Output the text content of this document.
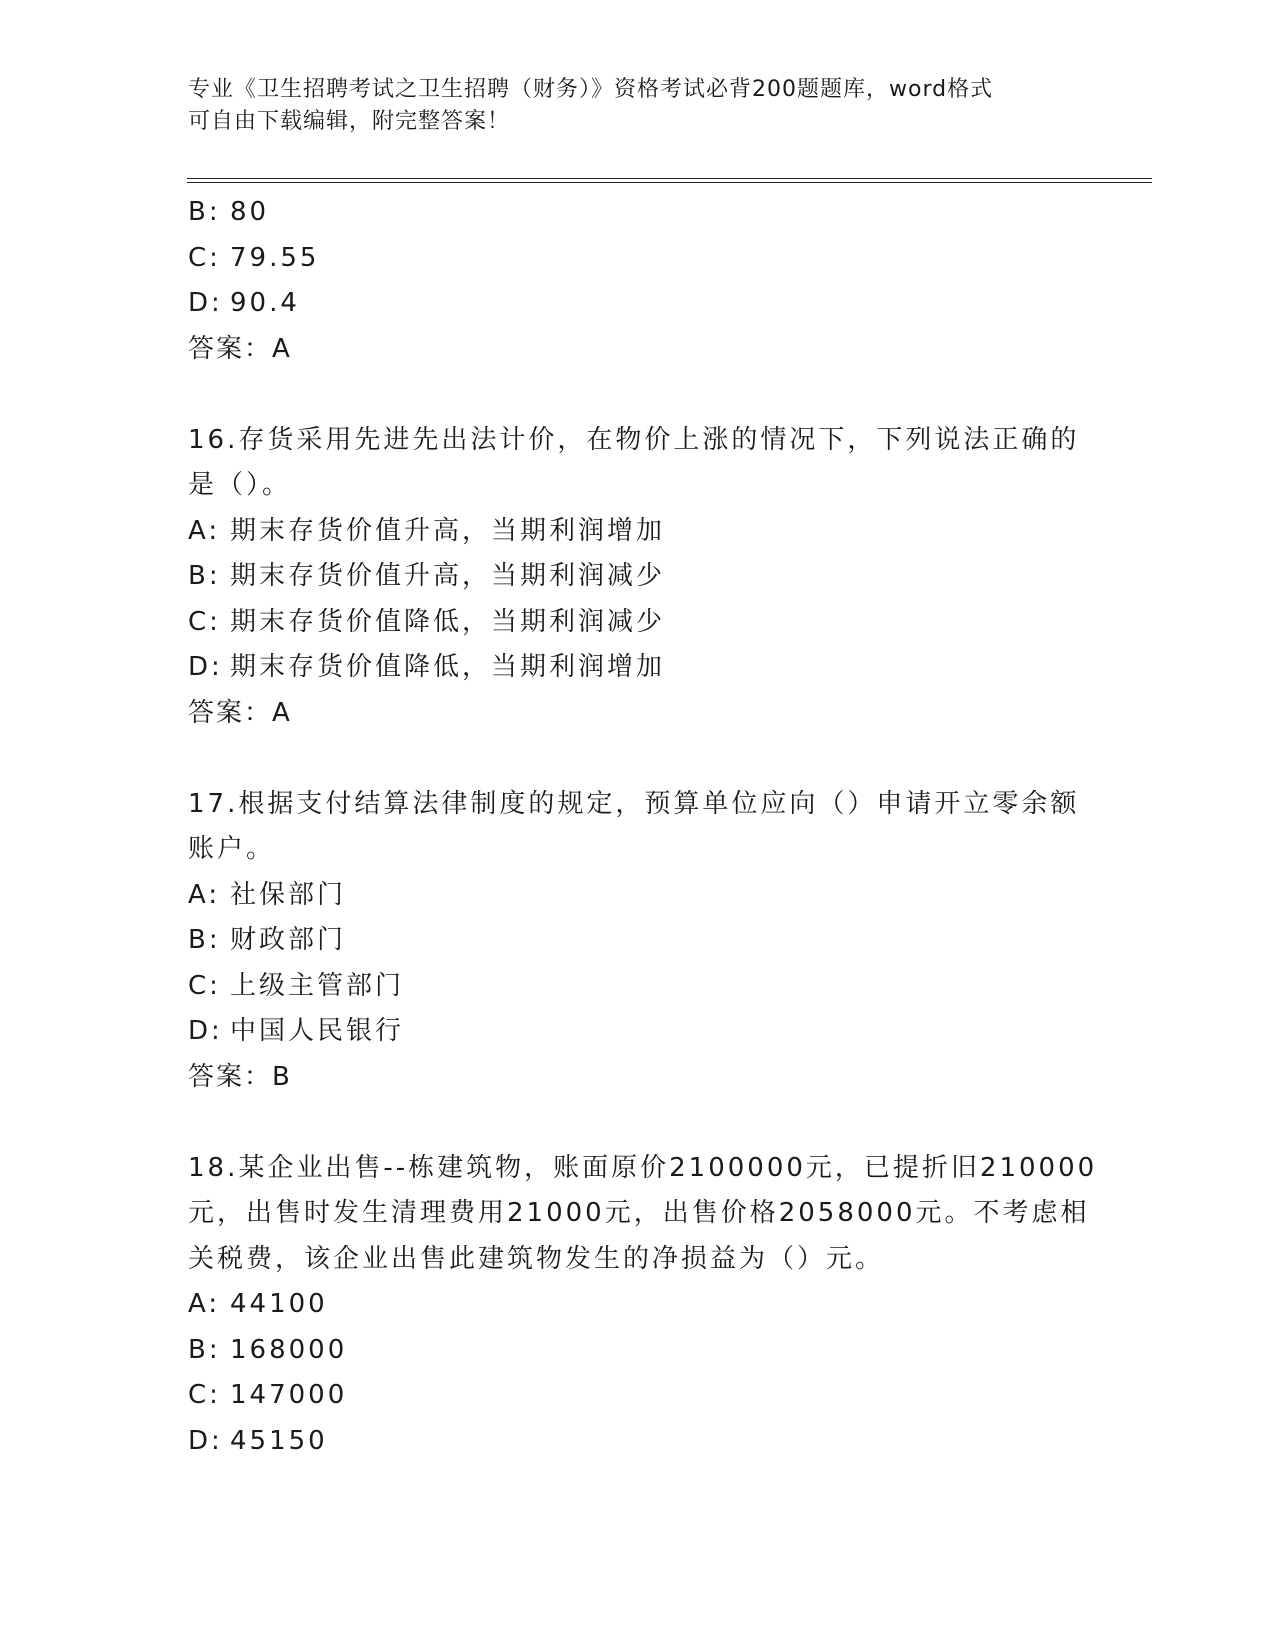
专业《卫生招聘考试之卫生招聘（财务）》资格考试必背200题题库，word格式
可自由下载编辑，附完整答案！
B: 80
C: 79.55
D: 90.4
答案：A
16.存货采用先进先出法计价，在物价上涨的情况下，下列说法正确的
是（）。
A: 期末存货价值升高，当期利润增加
B: 期末存货价值升高，当期利润减少
C: 期末存货价值降低，当期利润减少
D: 期末存货价值降低，当期利润增加
答案：A
17.根据支付结算法律制度的规定，预算单位应向（）申请开立零余额
账户。
A: 社保部门
B: 财政部门
C: 上级主管部门
D: 中国人民银行
答案：B
18.某企业出售--栋建筑物，账面原价2100000元，已提折旧210000
元，出售时发生清理费用21000元，出售价格2058000元。不考虑相
关税费，该企业出售此建筑物发生的净损益为（）元。
A: 44100
B: 168000
C: 147000
D: 45150
